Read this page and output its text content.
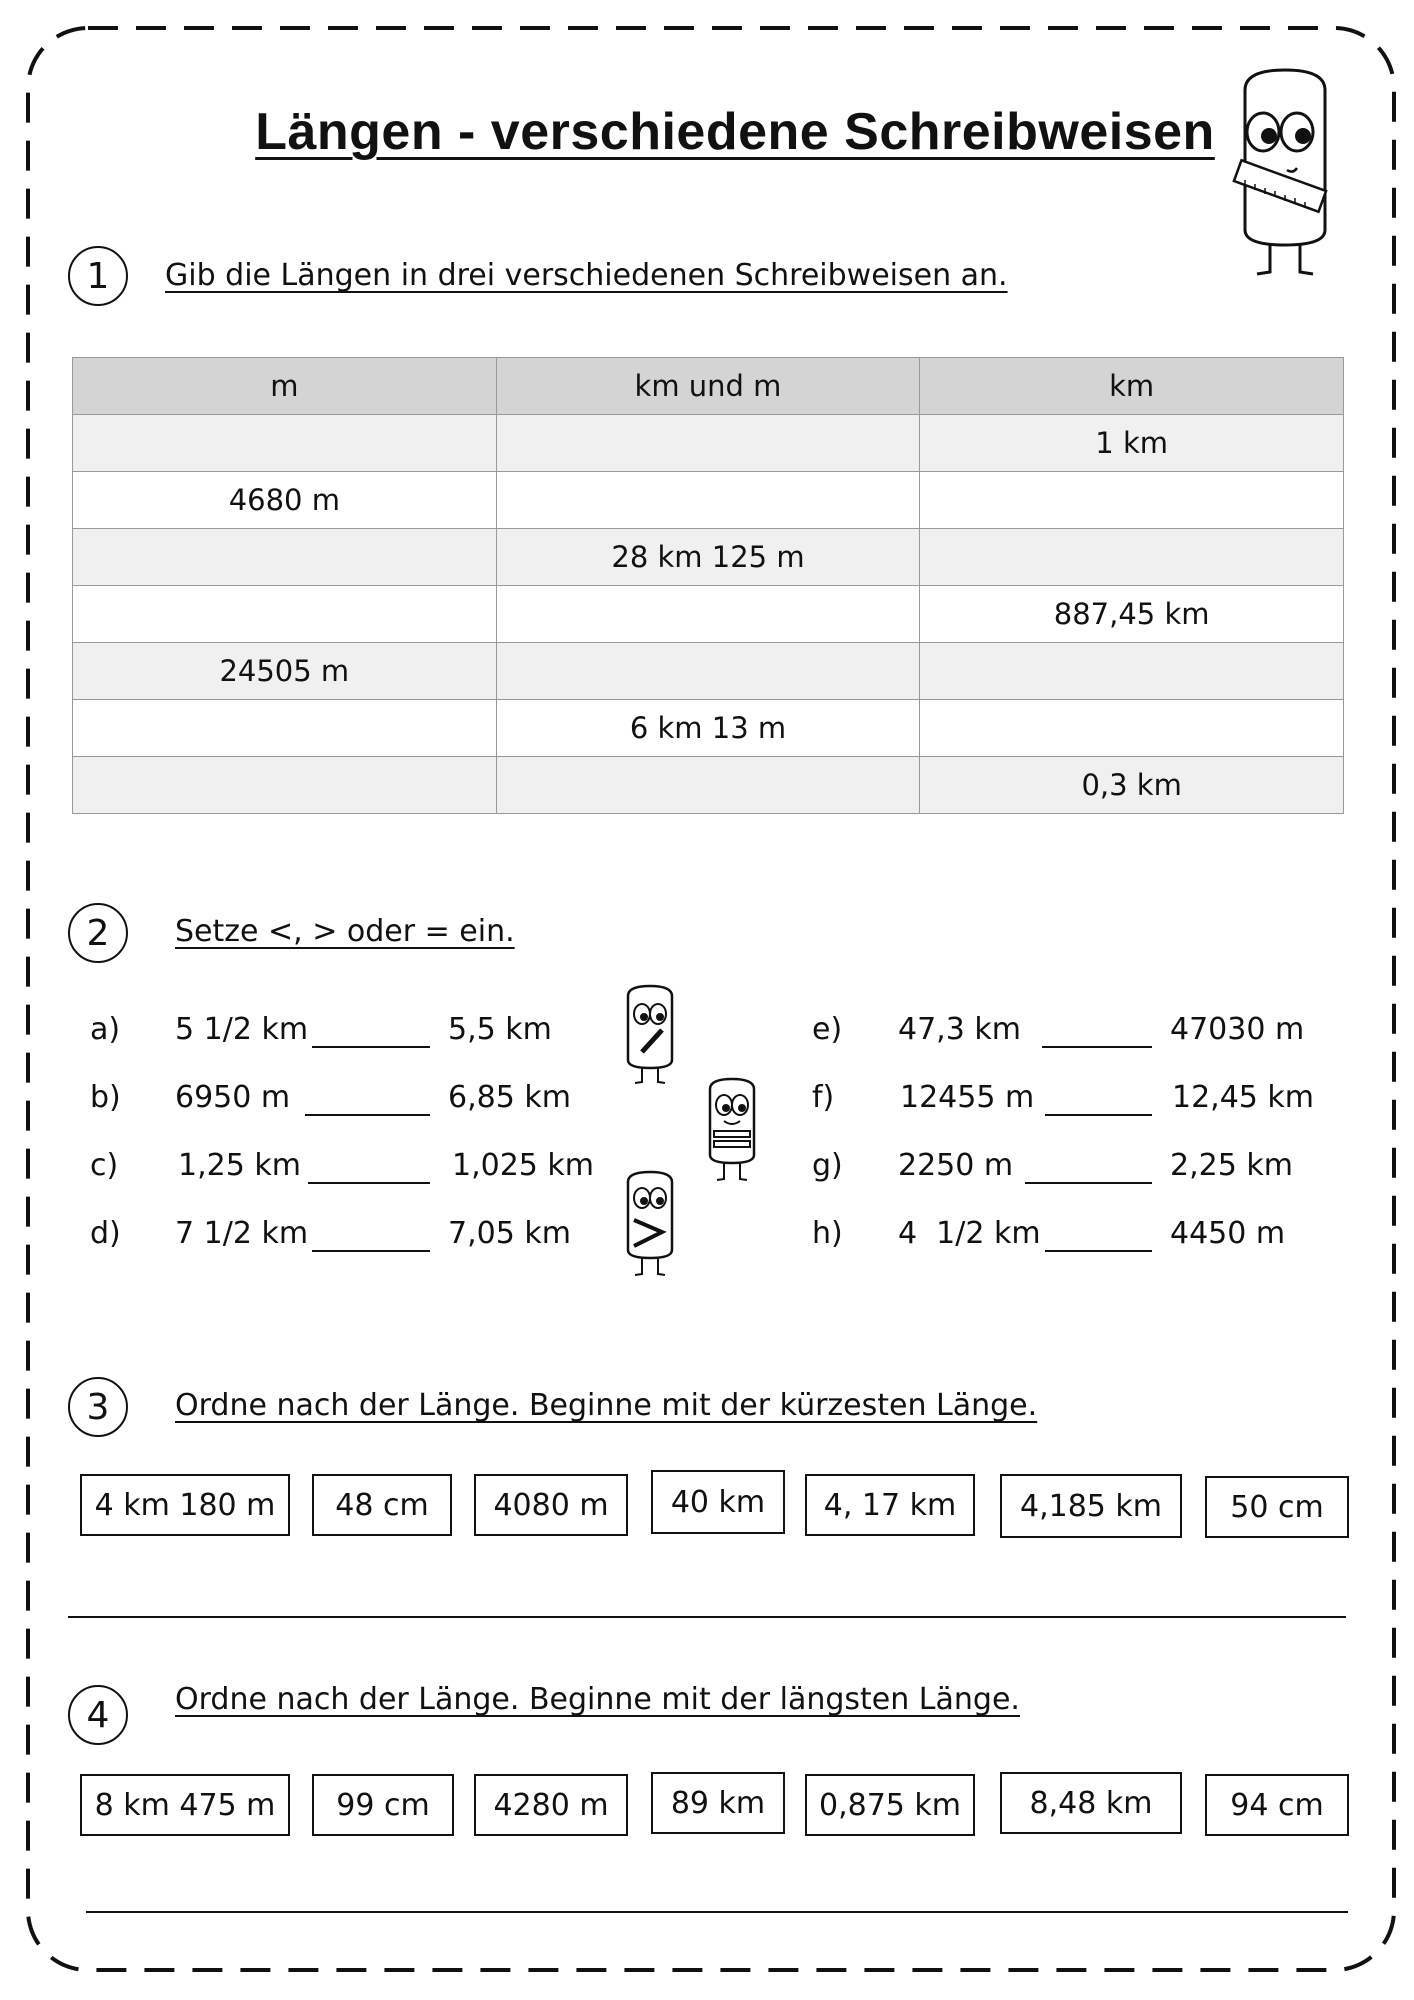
Längen - verschiedene Schreibweisen
1 Gib die Längen in drei verschiedenen Schreibweisen an.
m	km und m	km
		1 km
4680 m		
	28 km 125 m	
		887,45 km
24505 m		
	6 km 13 m	
		0,3 km
2 Setze <, > oder = ein.
a) 5 1/2 km	5,5 km
b) 6950 m	6,85 km
c) 1,25 km	1,025 km
d) 7 1/2 km	7,05 km
e) 47,3 km	47030 m
f) 12455 m	12,45 km
g) 2250 m	2,25 km
h) 4  1/2 km	4450 m
3 Ordne nach der Länge. Beginne mit der kürzesten Länge.
4 km 180 m	48 cm	4080 m	40 km	4, 17 km	4,185 km	50 cm
4 Ordne nach der Länge. Beginne mit der längsten Länge.
8 km 475 m	99 cm	4280 m	89 km	0,875 km	8,48 km	94 cm
